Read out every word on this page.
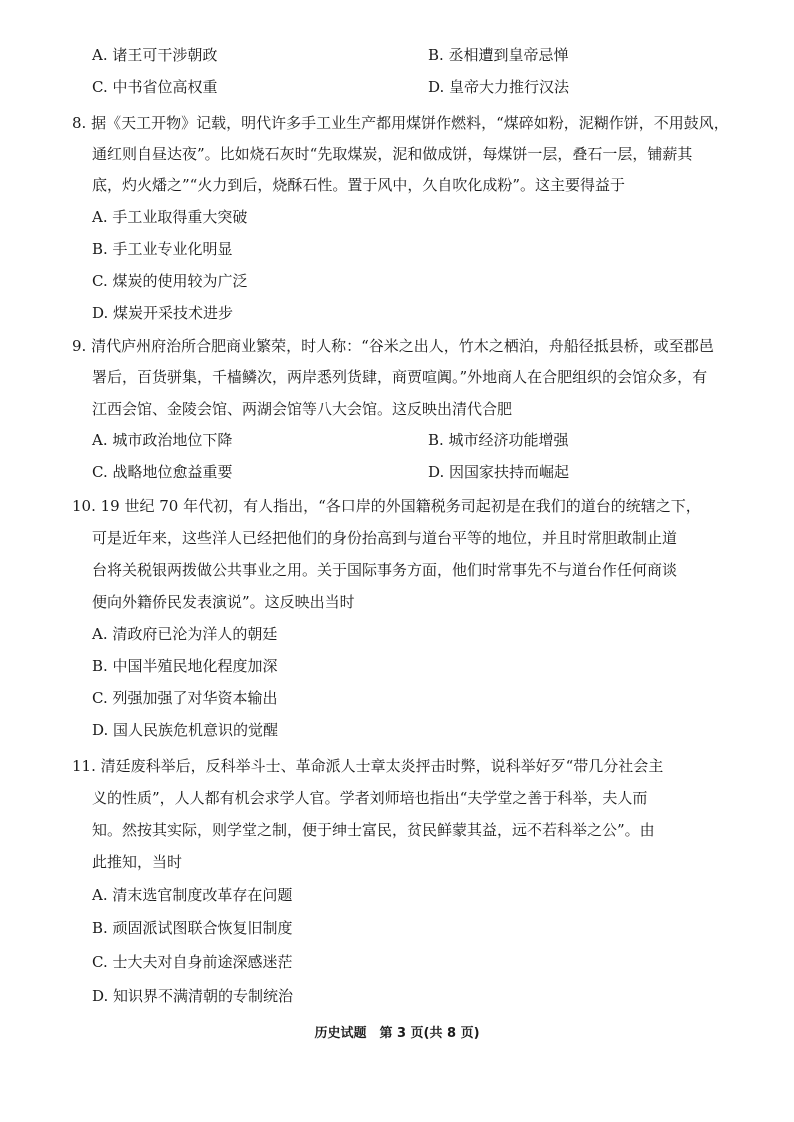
A. 诸王可干涉朝政	B. 丞相遭到皇帝忌惮
C. 中书省位高权重	D. 皇帝大力推行汉法
8. 据《天工开物》记载，明代许多手工业生产都用煤饼作燃料，“煤碎如粉，泥糊作饼，不用鼓风，
通红则自昼达夜”。比如烧石灰时“先取煤炭，泥和做成饼，每煤饼一层，叠石一层，铺薪其
底，灼火燔之”“火力到后，烧酥石性。置于风中，久自吹化成粉”。这主要得益于
A. 手工业取得重大突破
B. 手工业专业化明显
C. 煤炭的使用较为广泛
D. 煤炭开采技术进步
9. 清代庐州府治所合肥商业繁荣，时人称：“谷米之出人，竹木之栖泊，舟船径抵县桥，或至郡邑
署后，百货骈集，千樯鳞次，两岸悉列货肆，商贾喧阗。”外地商人在合肥组织的会馆众多，有
江西会馆、金陵会馆、两湖会馆等八大会馆。这反映出清代合肥
A. 城市政治地位下降	B. 城市经济功能增强
C. 战略地位愈益重要	D. 因国家扶持而崛起
10. 19 世纪 70 年代初，有人指出，“各口岸的外国籍税务司起初是在我们的道台的统辖之下，
可是近年来，这些洋人已经把他们的身份抬高到与道台平等的地位，并且时常胆敢制止道
台将关税银两拨做公共事业之用。关于国际事务方面，他们时常事先不与道台作任何商谈
便向外籍侨民发表演说”。这反映出当时
A. 清政府已沦为洋人的朝廷
B. 中国半殖民地化程度加深
C. 列强加强了对华资本输出
D. 国人民族危机意识的觉醒
11. 清廷废科举后，反科举斗士、革命派人士章太炎抨击时弊，说科举好歹“带几分社会主
义的性质”，人人都有机会求学人官。学者刘师培也指出“夫学堂之善于科举，夫人而
知。然按其实际，则学堂之制，便于绅士富民，贫民鲜蒙其益，远不若科举之公”。由
此推知，当时
A. 清末选官制度改革存在问题
B. 顽固派试图联合恢复旧制度
C. 士大夫对自身前途深感迷茫
D. 知识界不满清朝的专制统治
历史试题　第 3 页(共 8 页)
